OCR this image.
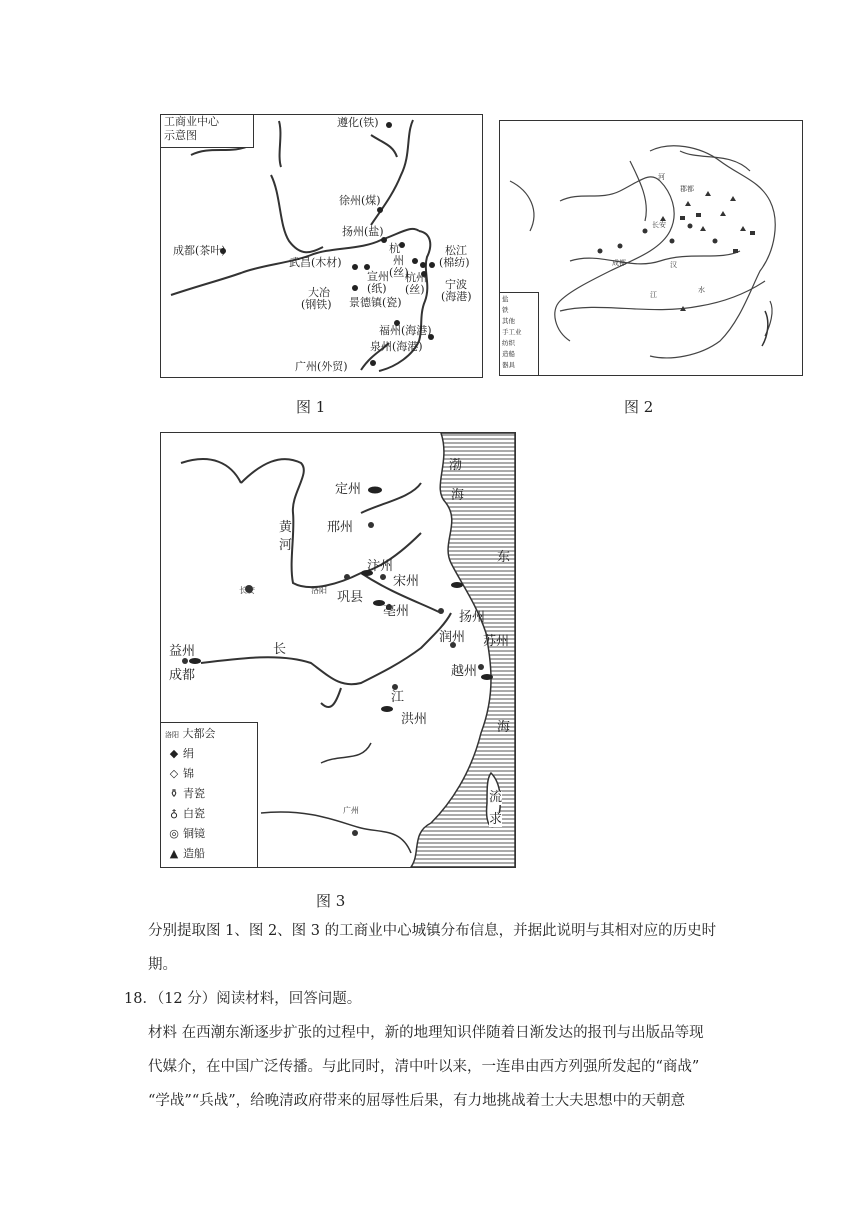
工商业中心
示意图
遵化(铁)
徐州(煤)
扬州(盐)
成都(茶叶)
武昌(木材)
杭
州
(丝)
宣州
(纸)
杭州
(丝)
松江
(棉纺)
宁波
(海港)
大冶
(钢铁) 景德镇(瓷)
福州(海港)
泉州(海港)
广州(外贸)
图 1
河
郡都
长安
成都	汉
水
江
盐
铁
其他
手工业
纺织
造船
器具
图 2
渤
海
定州
邢州
黄
河
汴州
宋州
长安	洛阳 巩县
亳州	扬州
润州 苏州
益州
成都
长
江
越州
洪州
东
海
流
求
广州
洛阳 大都会
◆ 绢
◇ 锦
⚱ 青瓷
♁ 白瓷
◎ 铜镜
▲ 造船
图 3
分别提取图 1、图 2、图 3 的工商业中心城镇分布信息，并据此说明与其相对应的历史时
期。
18．（12 分）阅读材料，回答问题。
材料 在西潮东渐逐步扩张的过程中，新的地理知识伴随着日渐发达的报刊与出版品等现
代媒介，在中国广泛传播。与此同时，清中叶以来，一连串由西方列强所发起的“商战”
“学战”“兵战”，给晚清政府带来的屈辱性后果，有力地挑战着士大夫思想中的天朝意
